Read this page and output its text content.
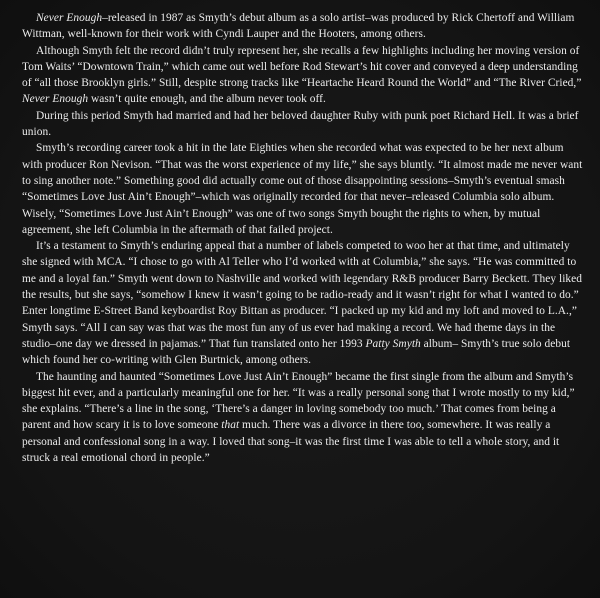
Never Enough–released in 1987 as Smyth’s debut album as a solo artist–was produced by Rick Chertoff and William Wittman, well-known for their work with Cyndi Lauper and the Hooters, among others.

Although Smyth felt the record didn’t truly represent her, she recalls a few highlights including her moving version of Tom Waits’ “Downtown Train,” which came out well before Rod Stewart’s hit cover and conveyed a deep understanding of “all those Brooklyn girls.” Still, despite strong tracks like “Heartache Heard Round the World” and “The River Cried,” Never Enough wasn’t quite enough, and the album never took off.

During this period Smyth had married and had her beloved daughter Ruby with punk poet Richard Hell. It was a brief union.

Smyth’s recording career took a hit in the late Eighties when she recorded what was expected to be her next album with producer Ron Nevison. “That was the worst experience of my life,” she says bluntly. “It almost made me never want to sing another note.” Something good did actually come out of those disappointing sessions–Smyth’s eventual smash “Sometimes Love Just Ain’t Enough”–which was originally recorded for that never–released Columbia solo album. Wisely, “Sometimes Love Just Ain’t Enough” was one of two songs Smyth bought the rights to when, by mutual agreement, she left Columbia in the aftermath of that failed project.

It’s a testament to Smyth’s enduring appeal that a number of labels competed to woo her at that time, and ultimately she signed with MCA. “I chose to go with Al Teller who I’d worked with at Columbia,” she says. “He was committed to me and a loyal fan.” Smyth went down to Nashville and worked with legendary R&B producer Barry Beckett. They liked the results, but she says, “somehow I knew it wasn’t going to be radio-ready and it wasn’t right for what I wanted to do.” Enter longtime E-Street Band keyboardist Roy Bittan as producer. “I packed up my kid and my loft and moved to L.A.,” Smyth says. “All I can say was that was the most fun any of us ever had making a record. We had theme days in the studio–one day we dressed in pajamas.” That fun translated onto her 1993 Patty Smyth album– Smyth’s true solo debut which found her co-writing with Glen Burtnick, among others.

The haunting and haunted “Sometimes Love Just Ain’t Enough” became the first single from the album and Smyth’s biggest hit ever, and a particularly meaningful one for her. “It was a really personal song that I wrote mostly to my kid,” she explains. “There’s a line in the song, ‘There’s a danger in loving somebody too much.’ That comes from being a parent and how scary it is to love someone that much. There was a divorce in there too, somewhere. It was really a personal and confessional song in a way. I loved that song–it was the first time I was able to tell a whole story, and it struck a real emotional chord in people.”
